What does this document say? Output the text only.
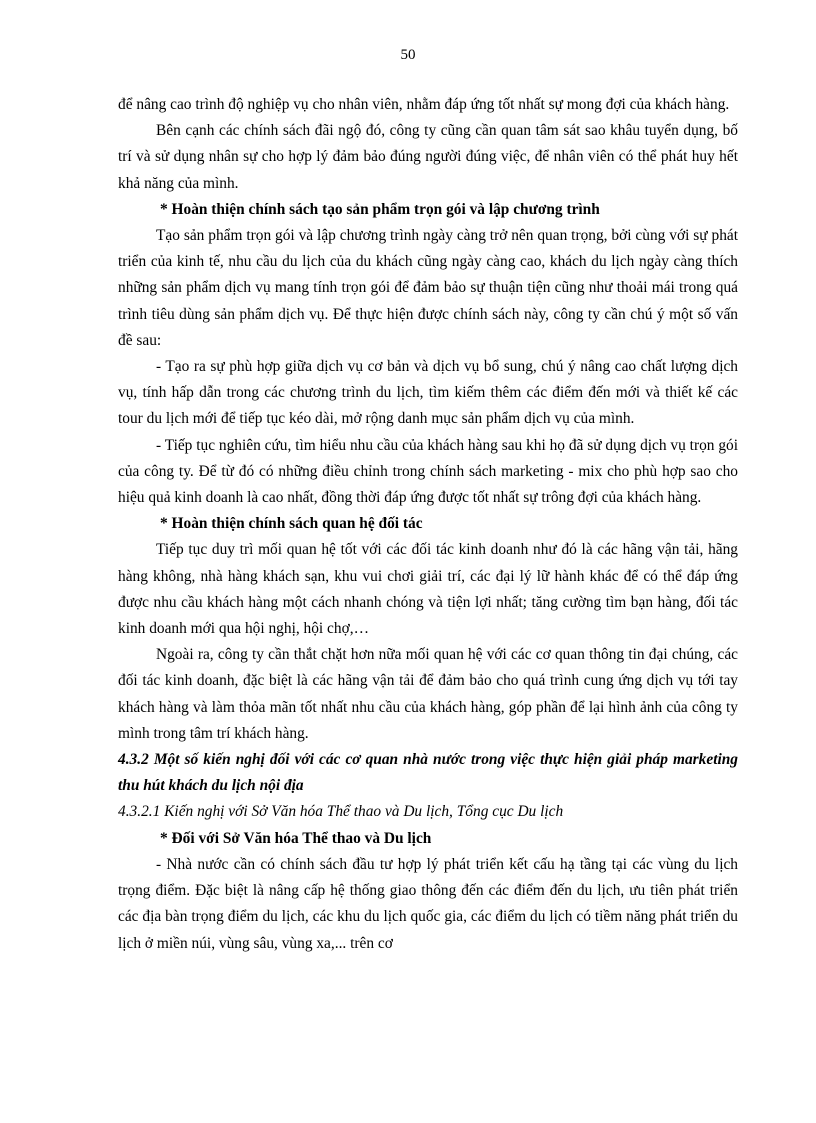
50

để nâng cao trình độ nghiệp vụ cho nhân viên, nhằm đáp ứng tốt nhất sự mong đợi của khách hàng.

Bên cạnh các chính sách đãi ngộ đó, công ty cũng cần quan tâm sát sao khâu tuyển dụng, bố trí và sử dụng nhân sự cho hợp lý đảm bảo đúng người đúng việc, để nhân viên có thể phát huy hết khả năng của mình.

* Hoàn thiện chính sách tạo sản phẩm trọn gói và lập chương trình

Tạo sản phẩm trọn gói và lập chương trình ngày càng trở nên quan trọng, bởi cùng với sự phát triển của kinh tế, nhu cầu du lịch của du khách cũng ngày càng cao, khách du lịch ngày càng thích những sản phẩm dịch vụ mang tính trọn gói để đảm bảo sự thuận tiện cũng như thoải mái trong quá trình tiêu dùng sản phẩm dịch vụ. Để thực hiện được chính sách này, công ty cần chú ý một số vấn đề sau:

- Tạo ra sự phù hợp giữa dịch vụ cơ bản và dịch vụ bổ sung, chú ý nâng cao chất lượng dịch vụ, tính hấp dẫn trong các chương trình du lịch, tìm kiếm thêm các điểm đến mới và thiết kế các tour du lịch mới để tiếp tục kéo dài, mở rộng danh mục sản phẩm dịch vụ của mình.

- Tiếp tục nghiên cứu, tìm hiểu nhu cầu của khách hàng sau khi họ đã sử dụng dịch vụ trọn gói của công ty. Để từ đó có những điều chỉnh trong chính sách marketing - mix cho phù hợp sao cho hiệu quả kinh doanh là cao nhất, đồng thời đáp ứng được tốt nhất sự trông đợi của khách hàng.

* Hoàn thiện chính sách quan hệ đối tác

Tiếp tục duy trì mối quan hệ tốt với các đối tác kinh doanh như đó là các hãng vận tải, hãng hàng không, nhà hàng khách sạn, khu vui chơi giải trí, các đại lý lữ hành khác để có thể đáp ứng được nhu cầu khách hàng một cách nhanh chóng và tiện lợi nhất; tăng cường tìm bạn hàng, đối tác kinh doanh mới qua hội nghị, hội chợ,…

Ngoài ra, công ty cần thắt chặt hơn nữa mối quan hệ với các cơ quan thông tin đại chúng, các đối tác kinh doanh, đặc biệt là các hãng vận tải để đảm bảo cho quá trình cung ứng dịch vụ tới tay khách hàng và làm thỏa mãn tốt nhất nhu cầu của khách hàng, góp phần để lại hình ảnh của công ty mình trong tâm trí khách hàng.

4.3.2 Một số kiến nghị đối với các cơ quan nhà nước trong việc thực hiện giải pháp marketing thu hút khách du lịch nội địa

4.3.2.1 Kiến nghị với Sở Văn hóa Thể thao và Du lịch, Tổng cục Du lịch

* Đối với Sở Văn hóa Thể thao và Du lịch

- Nhà nước cần có chính sách đầu tư hợp lý phát triển kết cấu hạ tầng tại các vùng du lịch trọng điểm. Đặc biệt là nâng cấp hệ thống giao thông đến các điểm đến du lịch, ưu tiên phát triển các địa bàn trọng điểm du lịch, các khu du lịch quốc gia, các điểm du lịch có tiềm năng phát triển du lịch ở miền núi, vùng sâu, vùng xa,... trên cơ
